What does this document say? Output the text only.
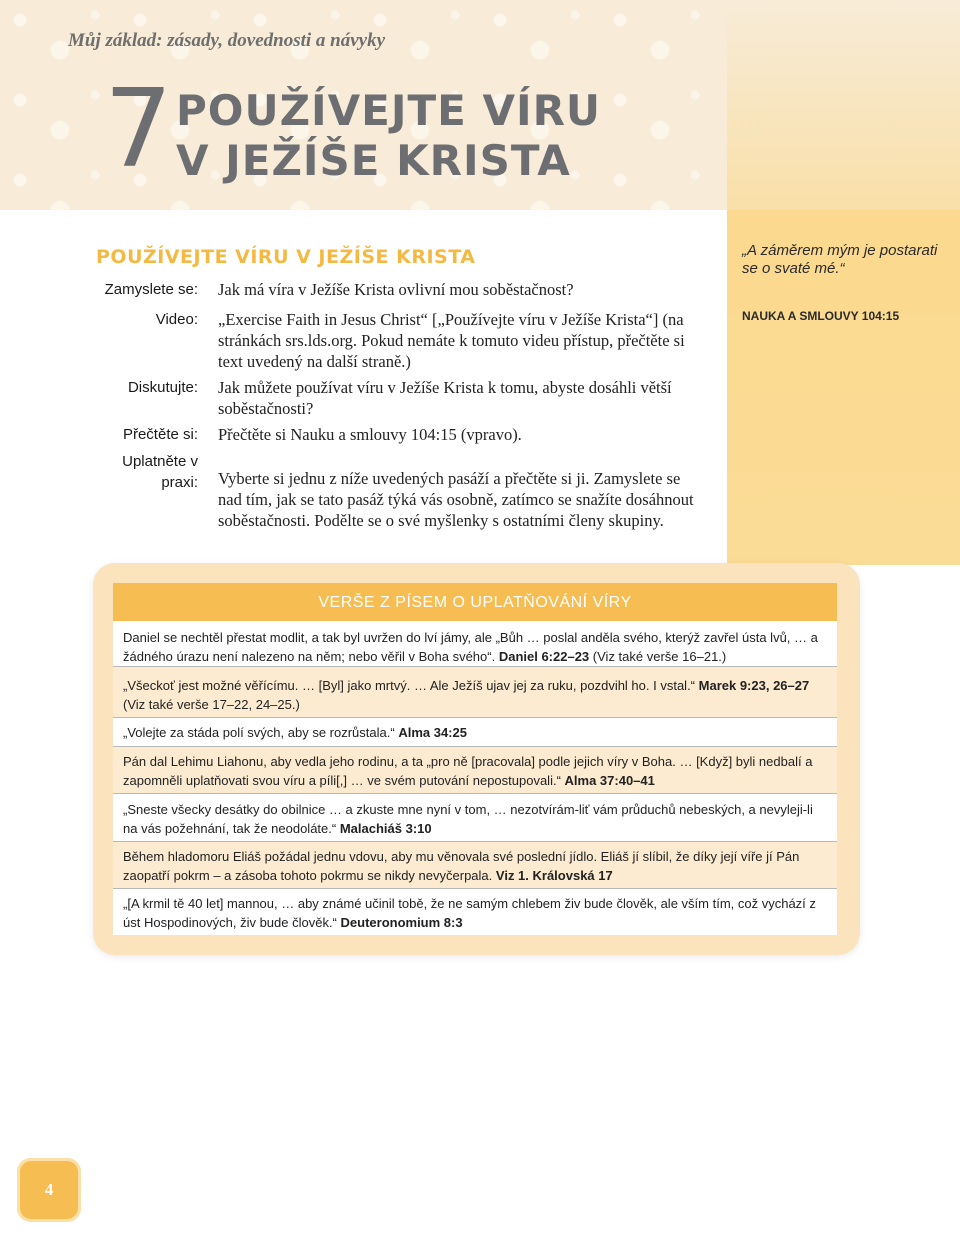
Můj základ: zásady, dovednosti a návyky
7 POUŽÍVEJTE VÍRU
V JEŽÍŠE KRISTA
POUŽÍVEJTE VÍRU V JEŽÍŠE KRISTA
Zamyslete se: Jak má víra v Ježíše Krista ovlivní mou soběstačnost?
Video: „Exercise Faith in Jesus Christ“ [„Používejte víru v Ježíše Krista“] (na stránkách srs.lds.org. Pokud nemáte k tomuto videu přístup, přečtěte si text uvedený na další straně.)
Diskutujte: Jak můžete používat víru v Ježíše Krista k tomu, abyste dosáhli větší soběstačnosti?
Přečtěte si: Přečtěte si Nauku a smlouvy 104:15 (vpravo).
Uplatněte v praxi: Vyberte si jednu z níže uvedených pasáží a přečtěte si ji. Zamyslete se nad tím, jak se tato pasáž týká vás osobně, zatímco se snažíte dosáhnout soběstačnosti. Podělte se o své myšlenky s ostatními členy skupiny.
„A záměrem mým je postarati se o svaté mé.“
NAUKA A SMLOUVY 104:15
VERŠE Z PÍSEM O UPLATŇOVÁNÍ VÍRY
Daniel se nechtěl přestat modlit, a tak byl uvržen do lví jámy, ale „Bůh … poslal anděla svého, kterýž zavřel ústa lvů, … a žádného úrazu není nalezeno na něm; nebo věřil v Boha svého“. Daniel 6:22–23 (Viz také verše 16–21.)
„Všeckoť jest možné věřícímu. … [Byl] jako mrtvý. … Ale Ježíš ujav jej za ruku, pozdvihl ho. I vstal.“ Marek 9:23, 26–27 (Viz také verše 17–22, 24–25.)
„Volejte za stáda polí svých, aby se rozrůstala.“ Alma 34:25
Pán dal Lehimu Liahonu, aby vedla jeho rodinu, a ta „pro ně [pracovala] podle jejich víry v Boha. … [Když] byli nedbalí a zapomněli uplatňovati svou víru a píli[,] … ve svém putování nepostupovali.“ Alma 37:40–41
„Sneste všecky desátky do obilnice … a zkuste mne nyní v tom, … nezotvírám-liť vám průduchů nebeských, a nevyleji-li na vás požehnání, tak že neodoláte.“ Malachiáš 3:10
Během hladomoru Eliáš požádal jednu vdovu, aby mu věnovala své poslední jídlo. Eliáš jí slíbil, že díky její víře jí Pán zaopatří pokrm – a zásoba tohoto pokrmu se nikdy nevyčerpala. Viz 1. Královská 17
„[A krmil tě 40 let] mannou, … aby známé učinil tobě, že ne samým chlebem živ bude člověk, ale vším tím, což vychází z úst Hospodinových, živ bude člověk.“ Deuteronomium 8:3
4
